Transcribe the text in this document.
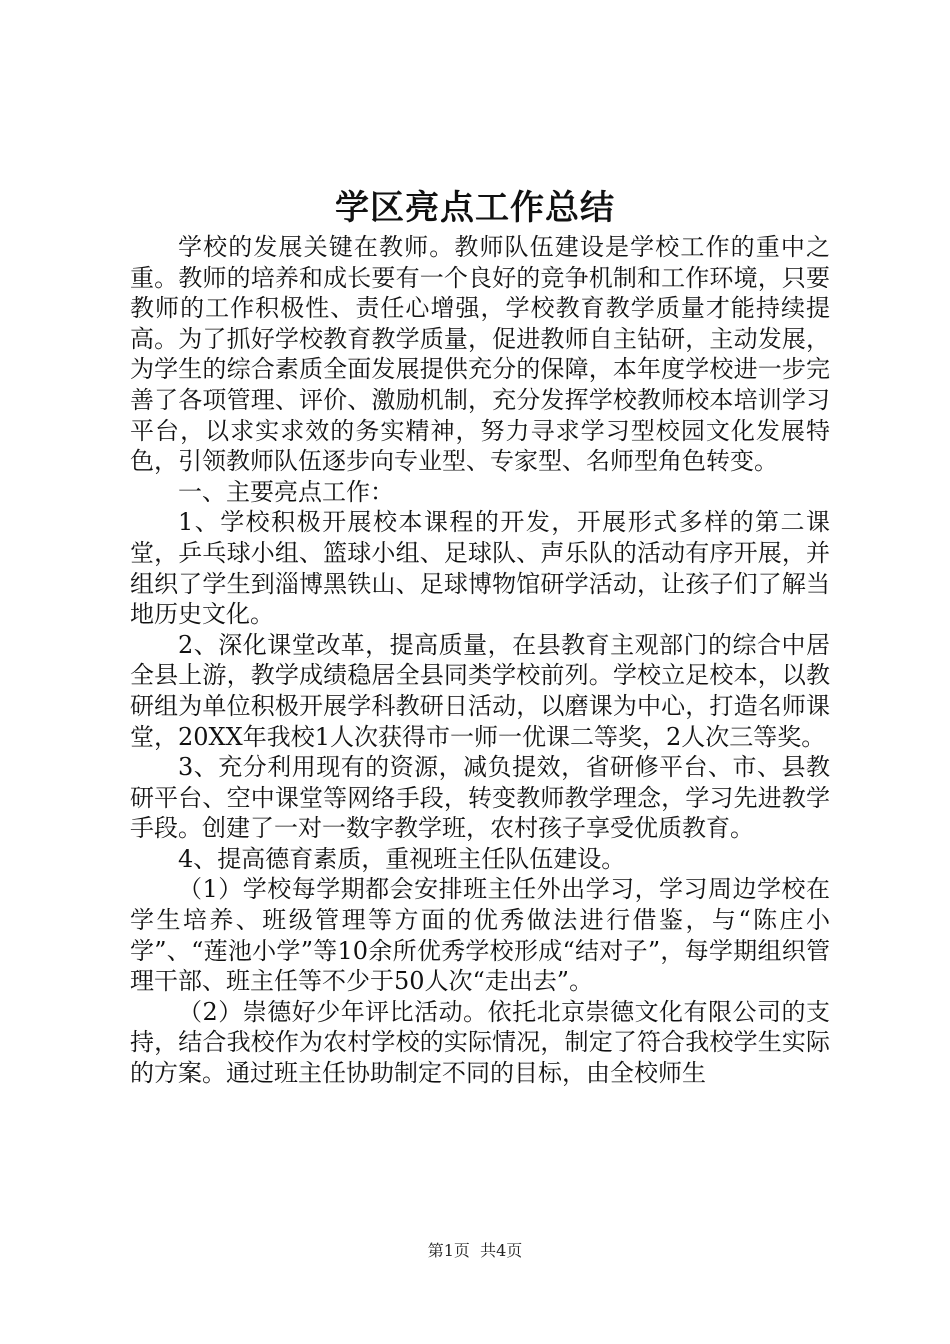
学区亮点工作总结

学校的发展关键在教师。教师队伍建设是学校工作的重中之重。教师的培养和成长要有一个良好的竞争机制和工作环境，只要教师的工作积极性、责任心增强，学校教育教学质量才能持续提高。为了抓好学校教育教学质量，促进教师自主钻研，主动发展，为学生的综合素质全面发展提供充分的保障，本年度学校进一步完善了各项管理、评价、激励机制，充分发挥学校教师校本培训学习平台，以求实求效的务实精神，努力寻求学习型校园文化发展特色，引领教师队伍逐步向专业型、专家型、名师型角色转变。

一、主要亮点工作：

1、学校积极开展校本课程的开发，开展形式多样的第二课堂，乒乓球小组、篮球小组、足球队、声乐队的活动有序开展，并组织了学生到淄博黑铁山、足球博物馆研学活动，让孩子们了解当地历史文化。

2、深化课堂改革，提高质量，在县教育主观部门的综合中居全县上游，教学成绩稳居全县同类学校前列。学校立足校本，以教研组为单位积极开展学科教研日活动，以磨课为中心，打造名师课堂，20XX年我校1人次获得市一师一优课二等奖，2人次三等奖。

3、充分利用现有的资源，减负提效，省研修平台、市、县教研平台、空中课堂等网络手段，转变教师教学理念，学习先进教学手段。创建了一对一数字教学班，农村孩子享受优质教育。

4、提高德育素质，重视班主任队伍建设。

（1）学校每学期都会安排班主任外出学习，学习周边学校在学生培养、班级管理等方面的优秀做法进行借鉴，与“陈庄小学”、“莲池小学”等10余所优秀学校形成“结对子”，每学期组织管理干部、班主任等不少于50人次“走出去”。

（2）崇德好少年评比活动。依托北京崇德文化有限公司的支持，结合我校作为农村学校的实际情况，制定了符合我校学生实际的方案。通过班主任协助制定不同的目标，由全校师生

第1页 共4页
